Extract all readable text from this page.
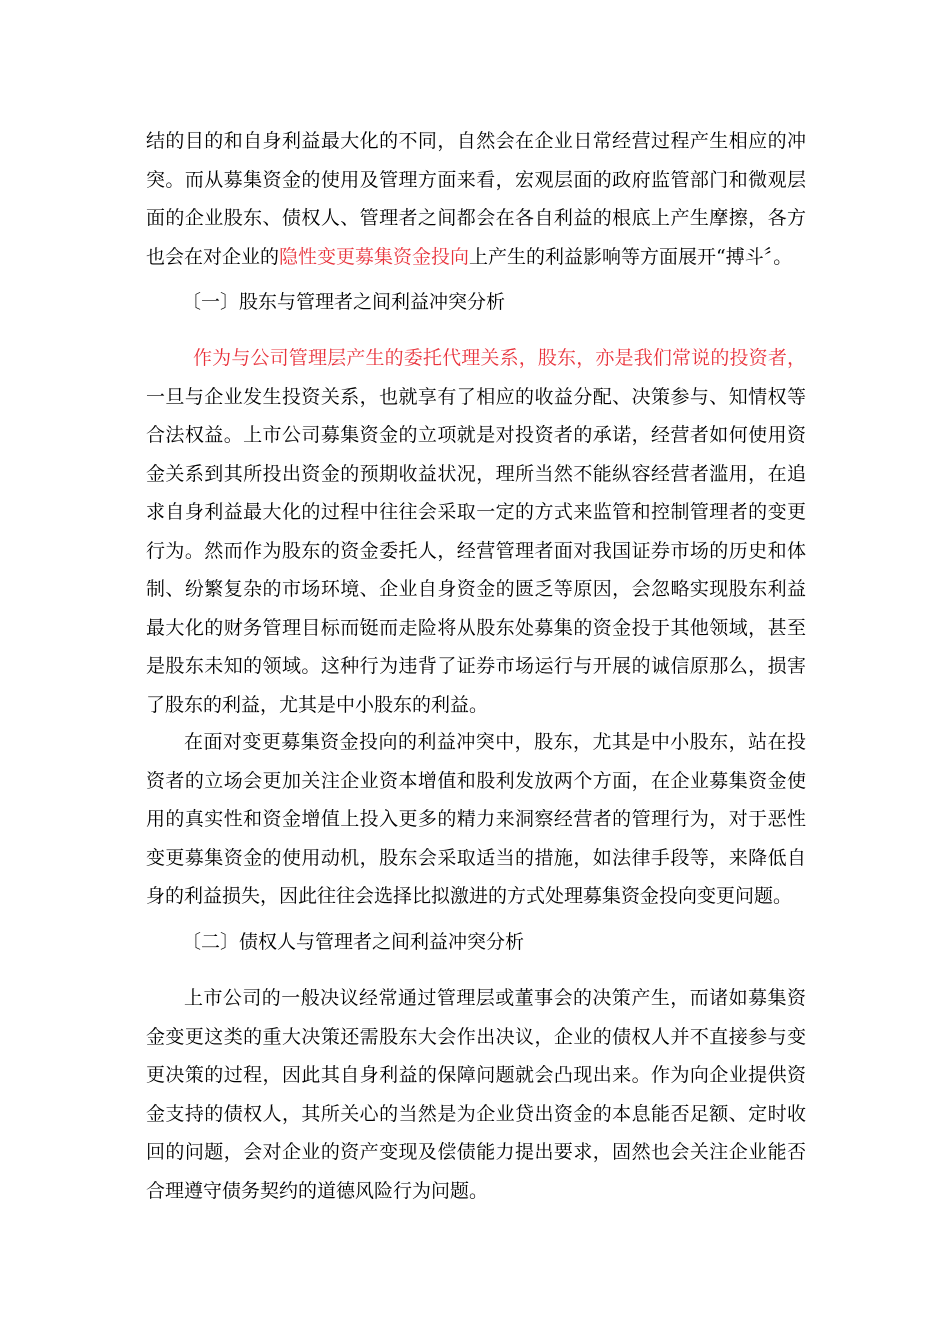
结的目的和自身利益最大化的不同，自然会在企业日常经营过程产生相应的冲突。而从募集资金的使用及管理方面来看，宏观层面的政府监管部门和微观层面的企业股东、债权人、管理者之间都会在各自利益的根底上产生摩擦，各方也会在对企业的隐性变更募集资金投向上产生的利益影响等方面展开“搏斗〞。

〔一〕股东与管理者之间利益冲突分析

作为与公司管理层产生的委托代理关系，股东，亦是我们常说的投资者，一旦与企业发生投资关系，也就享有了相应的收益分配、决策参与、知情权等合法权益。上市公司募集资金的立项就是对投资者的承诺，经营者如何使用资金关系到其所投出资金的预期收益状况，理所当然不能纵容经营者滥用，在追求自身利益最大化的过程中往往会采取一定的方式来监管和控制管理者的变更行为。然而作为股东的资金委托人，经营管理者面对我国证券市场的历史和体制、纷繁复杂的市场环境、企业自身资金的匮乏等原因，会忽略实现股东利益最大化的财务管理目标而铤而走险将从股东处募集的资金投于其他领域，甚至是股东未知的领域。这种行为违背了证券市场运行与开展的诚信原那么，损害了股东的利益，尤其是中小股东的利益。

在面对变更募集资金投向的利益冲突中，股东，尤其是中小股东，站在投资者的立场会更加关注企业资本增值和股利发放两个方面，在企业募集资金使用的真实性和资金增值上投入更多的精力来洞察经营者的管理行为，对于恶性变更募集资金的使用动机，股东会采取适当的措施，如法律手段等，来降低自身的利益损失，因此往往会选择比拟激进的方式处理募集资金投向变更问题。

〔二〕债权人与管理者之间利益冲突分析

上市公司的一般决议经常通过管理层或董事会的决策产生，而诸如募集资金变更这类的重大决策还需股东大会作出决议，企业的债权人并不直接参与变更决策的过程，因此其自身利益的保障问题就会凸现出来。作为向企业提供资金支持的债权人，其所关心的当然是为企业贷出资金的本息能否足额、定时收回的问题，会对企业的资产变现及偿债能力提出要求，固然也会关注企业能否合理遵守债务契约的道德风险行为问题。
